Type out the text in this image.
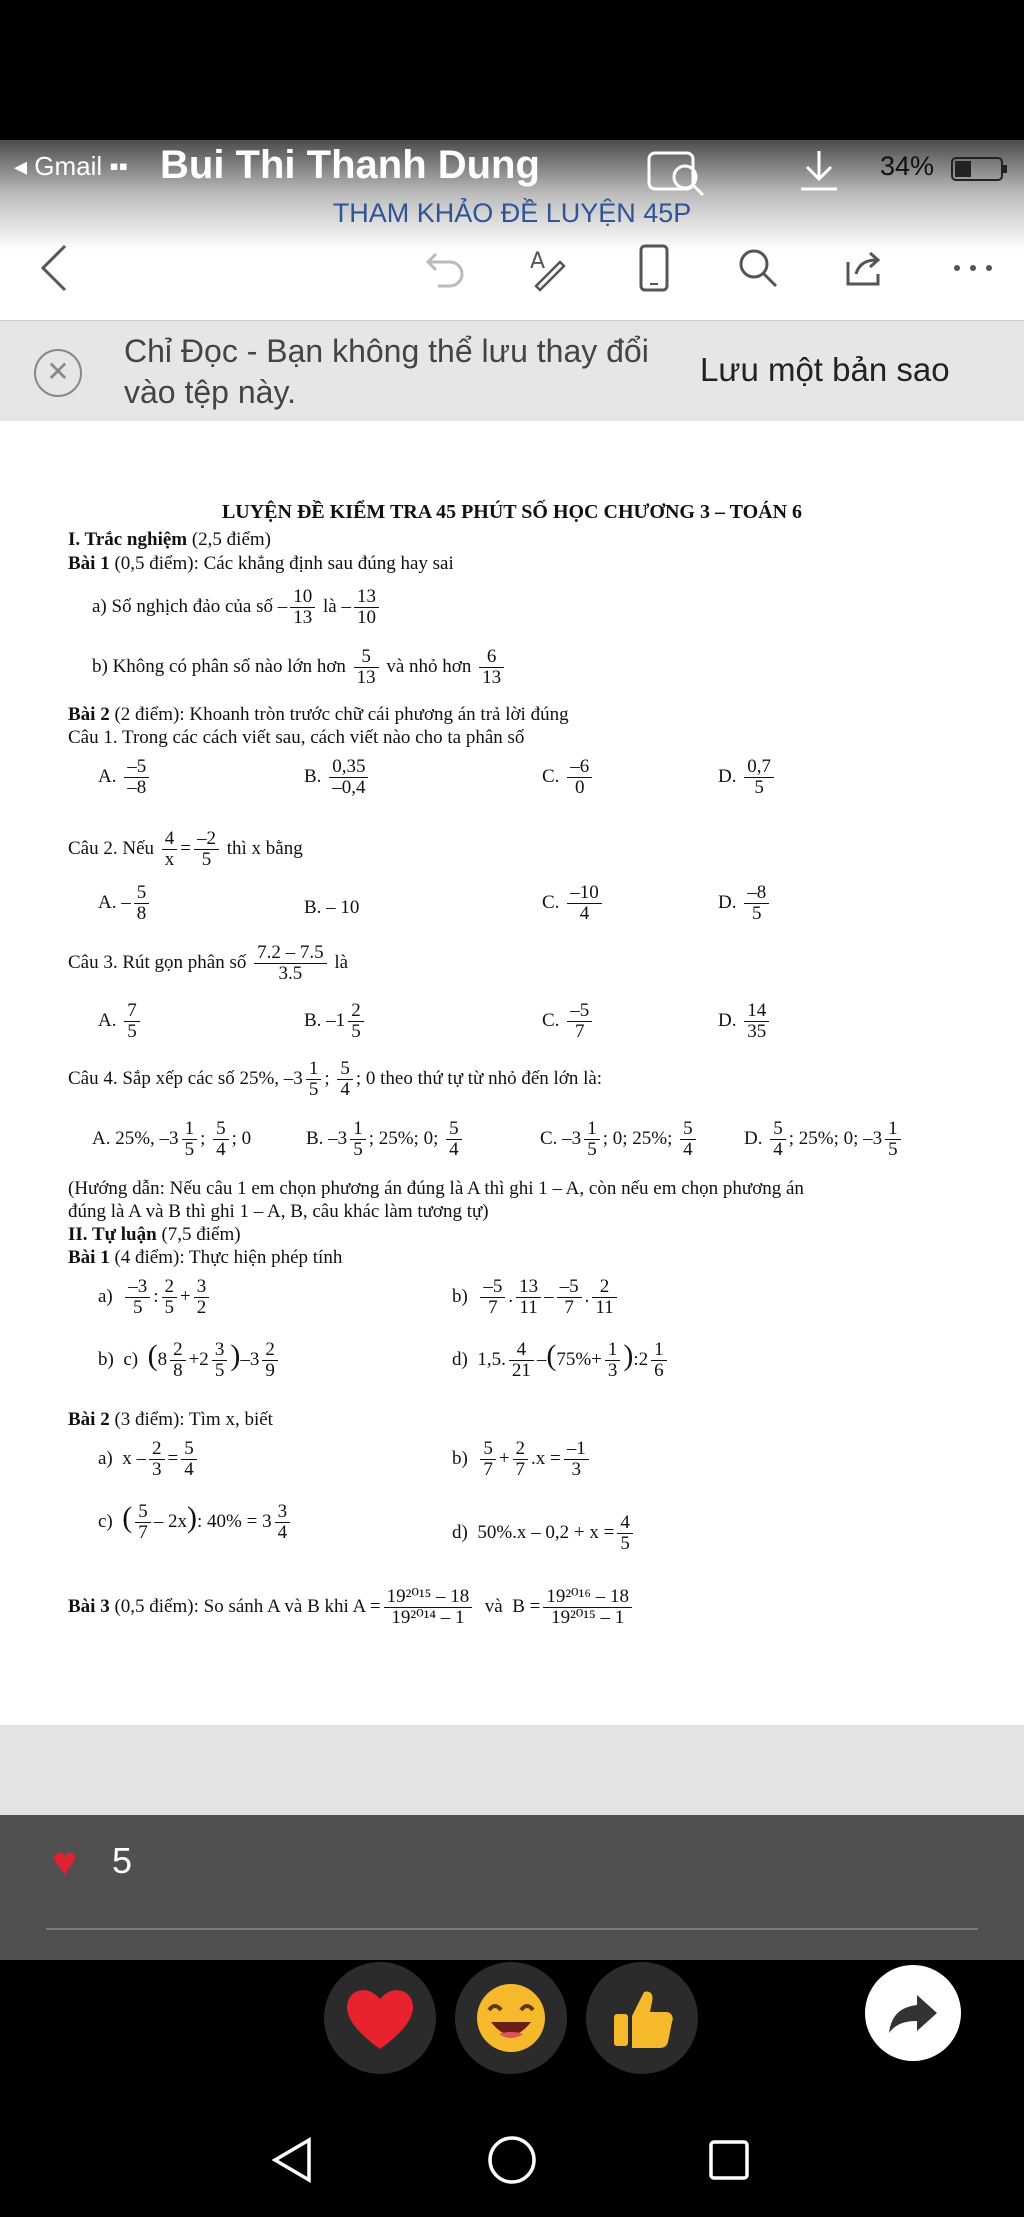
◂ Gmail ▪▪ Bui Thi Thanh Dung	34%
THAM KHẢO ĐỀ LUYỆN 45P
A
✕
Chỉ Đọc - Bạn không thể lưu thay đổi vào tệp này.
Lưu một bản sao
LUYỆN ĐỀ KIỂM TRA 45 PHÚT SỐ HỌC CHƯƠNG 3 – TOÁN 6
I. Trắc nghiệm (2,5 điểm)
Bài 1 (0,5 điểm): Các khẳng định sau đúng hay sai
a) Số nghịch đảo của số – $\frac{10}{13}$ là – $\frac{13}{10}$
b) Không có phân số nào lớn hơn $\frac{5}{13}$ và nhỏ hơn $\frac{6}{13}$
Bài 2 (2 điểm): Khoanh tròn trước chữ cái phương án trả lời đúng
Câu 1. Trong các cách viết sau, cách viết nào cho ta phân số
A. $\frac{-5}{-8}$	B. $\frac{0,35}{-0,4}$	C. $\frac{-6}{0}$	D. $\frac{0,7}{5}$
Câu 2. Nếu $\frac{4}{x} = \frac{-2}{5}$ thì x bằng
A. – $\frac{5}{8}$	B. – 10	C. $\frac{-10}{4}$	D. $\frac{-8}{5}$
Câu 3. Rút gọn phân số $\frac{7.2 - 7.5}{3.5}$ là
A. $\frac{7}{5}$	B. $-1 \frac{2}{5}$	C. $\frac{-5}{7}$	D. $\frac{14}{35}$
Câu 4. Sắp xếp các số 25%, $-3 \frac{1}{5}$ ; $\frac{5}{4}$ ; 0 theo thứ tự từ nhỏ đến lớn là:
A. 25%, $-3 \frac{1}{5}$ ; $\frac{5}{4}$ ; 0	B. $-3 \frac{1}{5}$ ; 25%; 0; $\frac{5}{4}$	C. $-3 \frac{1}{5}$ ; 0; 25%; $\frac{5}{4}$	D. $\frac{5}{4}$ ; 25%; 0; $-3 \frac{1}{5}$
(Hướng dẫn: Nếu câu 1 em chọn phương án đúng là A thì ghi 1 – A, còn nếu em chọn phương án
đúng là A và B thì ghi 1 – A, B, câu khác làm tương tự)
II. Tự luận (7,5 điểm)
Bài 1 (4 điểm): Thực hiện phép tính
$a) \frac{-3}{5}$ : $\frac{2}{5} + \frac{3}{2}$	$b) \frac{-5}{7}$ . $\frac{13}{11} - \frac{-5}{7}$ . $\frac{2}{11}$
b)  c)  $(8 \frac{2}{8} +2 \frac{3}{5} )-3 \frac{2}{9}$	d)  1,5. $\frac{4}{21} -(75\%+ \frac{1}{3}$ ):2 $\frac{1}{6}$
Bài 2 (3 điểm): Tìm x, biết
a)  $x - \frac{2}{3} = \frac{5}{4}$	$b) \frac{5}{7} + \frac{2}{7} .x = \frac{-1}{3}$
c)  ( $\frac{5}{7} - 2x$): $40\% = 3 \frac{3}{4}$	d)  $50\%.x - 0,2 + x = \frac{4}{5}$
Bài 3 (0,5 điểm): So sánh A và B khi $A = \frac{\text{19²⁰¹⁵ – 18}}{\text{19²⁰¹⁴ – 1}}$ và $B = \frac{\text{19²⁰¹⁶ – 18}}{\text{19²⁰¹⁵ – 1}}$
♥ 5
